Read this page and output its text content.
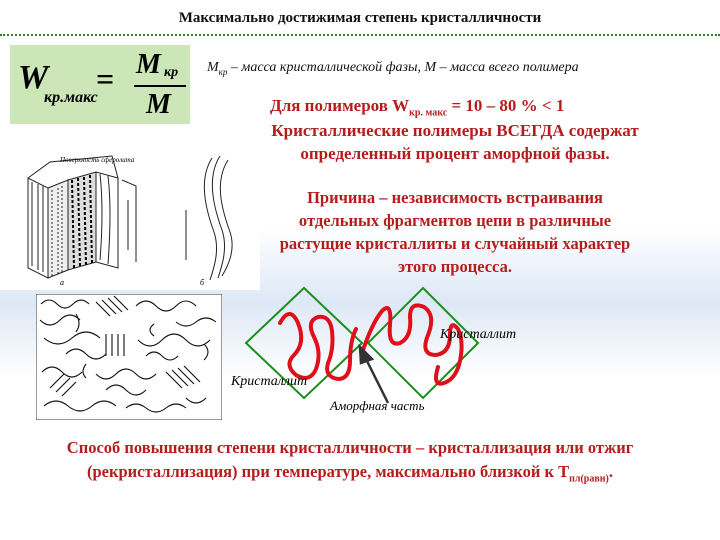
Максимально достижимая степень кристалличности
W
кр.макс
= M кр
M
$M_{кр}$ – масса кристаллической фазы, М – масса всего полимера
Для полимеров $W_{кр. макс} = 10 - 80$ % < 1
Кристаллические полимеры ВСЕГДА содержат определенный процент аморфной фазы.
Причина – независимость встраивания отдельных фрагментов цепи в различные растущие кристаллиты и случайный характер этого процесса.
Поверхность сферолита
а	б
Кристаллит
Кристаллит
Аморфная часть
Способ повышения степени кристалличности – кристаллизация или отжиг (рекристаллизация) при температуре, максимально близкой к $Т_{пл(равн)}$.
